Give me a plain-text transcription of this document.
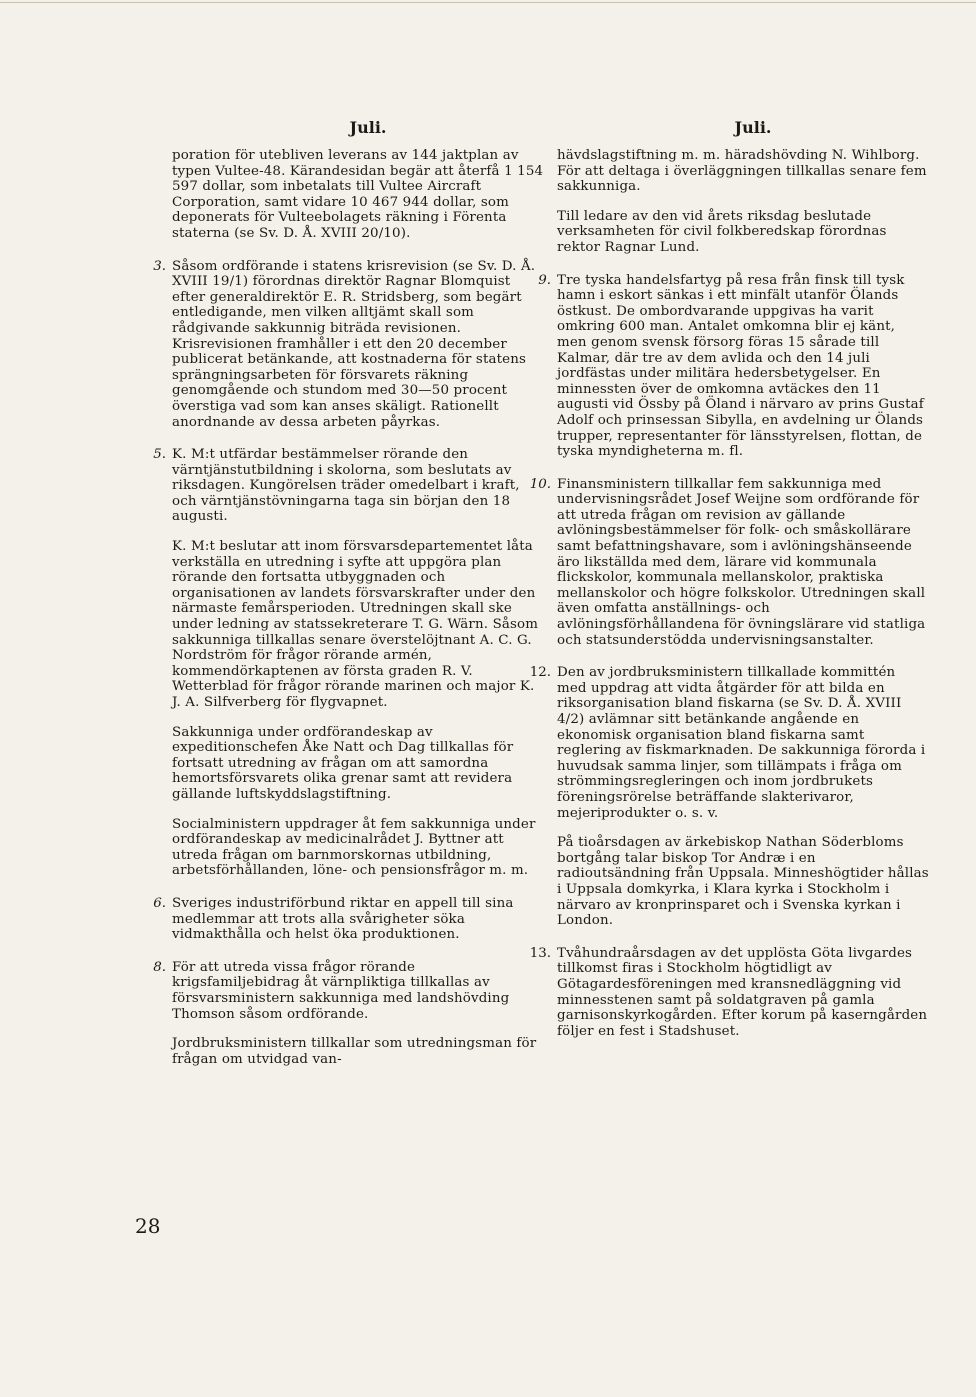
Juli.
poration för utebliven leverans av 144 jaktplan av typen Vultee-48. Kärandesidan begär att återfå 1 154 597 dollar, som inbetalats till Vultee Aircraft Corporation, samt vidare 10 467 944 dollar, som deponerats för Vulteebolagets räkning i Förenta staterna (se Sv. D. Å. XVIII 20/10).
3. Såsom ordförande i statens krisrevision (se Sv. D. Å. XVIII 19/1) förordnas direktör Ragnar Blomquist efter generaldirektör E. R. Stridsberg, som begärt entledigande, men vilken alltjämt skall som rådgivande sakkunnig biträda revisionen. Krisrevisionen framhåller i ett den 20 december publicerat betänkande, att kostnaderna för statens sprängningsarbeten för försvarets räkning genomgående och stundom med 30—50 procent överstiga vad som kan anses skäligt. Rationellt anordnande av dessa arbeten påyrkas.
5. K. M:t utfärdar bestämmelser rörande den värntjänstutbildning i skolorna, som beslutats av riksdagen. Kungörelsen träder omedelbart i kraft, och värntjänstövningarna taga sin början den 18 augusti.
K. M:t beslutar att inom försvarsdepartementet låta verkställa en utredning i syfte att uppgöra plan rörande den fortsatta utbyggnaden och organisationen av landets försvarskrafter under den närmaste femårsperioden. Utredningen skall ske under ledning av statssekreterare T. G. Wärn. Såsom sakkunniga tillkallas senare överstelöjtnant A. C. G. Nordström för frågor rörande armén, kommendörkaptenen av första graden R. V. Wetterblad för frågor rörande marinen och major K. J. A. Silfverberg för flygvapnet.
Sakkunniga under ordförandeskap av expeditionschefen Åke Natt och Dag tillkallas för fortsatt utredning av frågan om att samordna hemortsförsvarets olika grenar samt att revidera gällande luftskyddslagstiftning.
Socialministern uppdrager åt fem sakkunniga under ordförandeskap av medicinalrådet J. Byttner att utreda frågan om barnmorskornas utbildning, arbetsförhållanden, löne- och pensionsfrågor m. m.
6. Sveriges industriförbund riktar en appell till sina medlemmar att trots alla svårigheter söka vidmakthålla och helst öka produktionen.
8. För att utreda vissa frågor rörande krigsfamiljebidrag åt värnpliktiga tillkallas av försvarsministern sakkunniga med landshövding Thomson såsom ordförande.
Jordbruksministern tillkallar som utredningsman för frågan om utvidgad van-
Juli.
hävdslagstiftning m. m. häradshövding N. Wihlborg. För att deltaga i överläggningen tillkallas senare fem sakkunniga.
Till ledare av den vid årets riksdag beslutade verksamheten för civil folkberedskap förordnas rektor Ragnar Lund.
9. Tre tyska handelsfartyg på resa från finsk till tysk hamn i eskort sänkas i ett minfält utanför Ölands östkust. De ombordvarande uppgivas ha varit omkring 600 man. Antalet omkomna blir ej känt, men genom svensk försorg föras 15 sårade till Kalmar, där tre av dem avlida och den 14 juli jordfästas under militära hedersbetygelser. En minnessten över de omkomna avtäckes den 11 augusti vid Össby på Öland i närvaro av prins Gustaf Adolf och prinsessan Sibylla, en avdelning ur Ölands trupper, representanter för länsstyrelsen, flottan, de tyska myndigheterna m. fl.
10. Finansministern tillkallar fem sakkunniga med undervisningsrådet Josef Weijne som ordförande för att utreda frågan om revision av gällande avlöningsbestämmelser för folk- och småskollärare samt befattningshavare, som i avlöningshänseende äro likställda med dem, lärare vid kommunala flickskolor, kommunala mellanskolor, praktiska mellanskolor och högre folkskolor. Utredningen skall även omfatta anställnings- och avlöningsförhållandena för övningslärare vid statliga och statsunderstödda undervisningsanstalter.
12. Den av jordbruksministern tillkallade kommittén med uppdrag att vidta åtgärder för att bilda en riksorganisation bland fiskarna (se Sv. D. Å. XVIII 4/2) avlämnar sitt betänkande angående en ekonomisk organisation bland fiskarna samt reglering av fiskmarknaden. De sakkunniga förorda i huvudsak samma linjer, som tillämpats i fråga om strömmingsregleringen och inom jordbrukets föreningsrörelse beträffande slakterivaror, mejeriprodukter o. s. v.
På tioårsdagen av ärkebiskop Nathan Söderbloms bortgång talar biskop Tor Andræ i en radioutsändning från Uppsala. Minneshögtider hållas i Uppsala domkyrka, i Klara kyrka i Stockholm i närvaro av kronprinsparet och i Svenska kyrkan i London.
13. Tvåhundraårsdagen av det upplösta Göta livgardes tillkomst firas i Stockholm högtidligt av Götagardesföreningen med kransnedläggning vid minnesstenen samt på soldatgraven på gamla garnisonskyrkogården. Efter korum på kaserngården följer en fest i Stadshuset.
28
